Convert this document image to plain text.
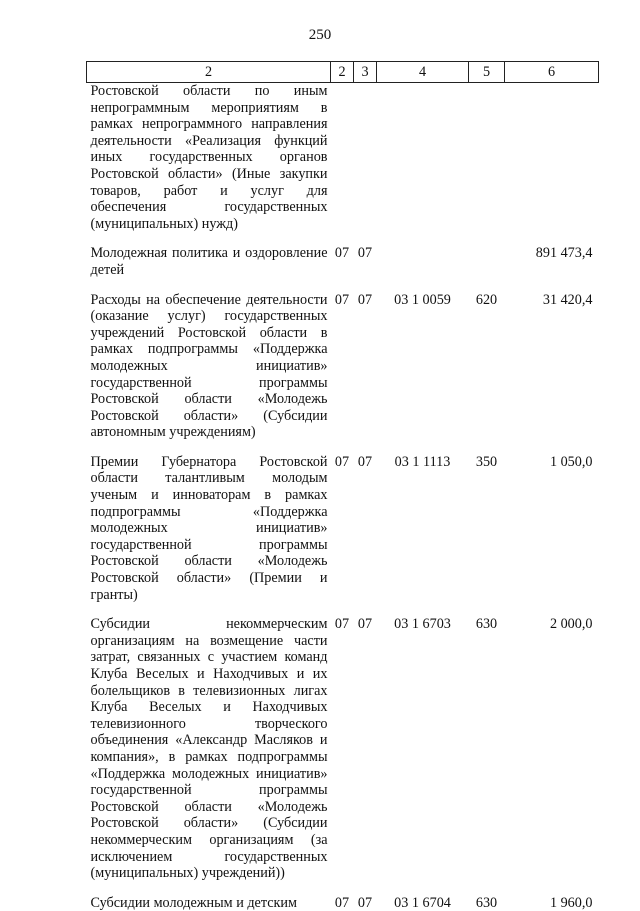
250
2	2	3	4	5	6
Ростовской области по иным непрограммным мероприятиям в рамках непрограммного направления деятельности «Реализация функций иных государственных органов Ростовской области» (Иные закупки товаров, работ и услуг для обеспечения государственных (муниципальных) нужд)					

Молодежная политика и оздоровление детей	07	07			891 473,4

Расходы на обеспечение деятельности (оказание услуг) государственных учреждений Ростовской области в рамках подпрограммы «Поддержка молодежных инициатив» государственной программы Ростовской области «Молодежь Ростовской области» (Субсидии автономным учреждениям)	07	07	03 1 0059	620	31 420,4

Премии Губернатора Ростовской области талантливым молодым ученым и инноваторам в рамках подпрограммы «Поддержка молодежных инициатив» государственной программы Ростовской области «Молодежь Ростовской области» (Премии и гранты)	07	07	03 1 1113	350	1 050,0

Субсидии некоммерческим организациям на возмещение части затрат, связанных с участием команд Клуба Веселых и Находчивых и их болельщиков в телевизионных лигах Клуба Веселых и Находчивых телевизионного творческого объединения «Александр Масляков и компания», в рамках подпрограммы «Поддержка молодежных инициатив» государственной программы Ростовской области «Молодежь Ростовской области» (Субсидии некоммерческим организациям (за исключением государственных (муниципальных) учреждений))	07	07	03 1 6703	630	2 000,0

Субсидии молодежным и детским	07	07	03 1 6704	630	1 960,0
